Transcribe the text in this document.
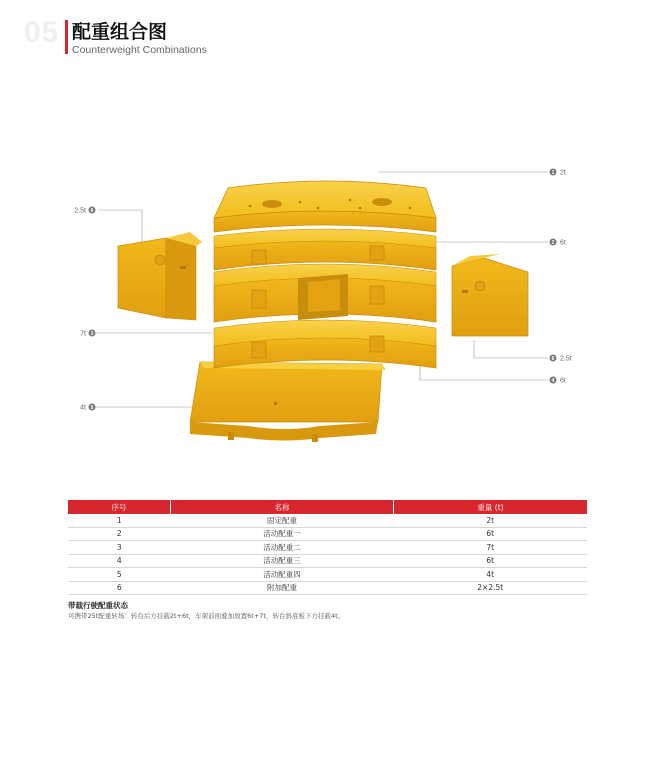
05 配重组合图
Counterweight Combinations
1 2t
6
2.5t
2 6t
3
7t
6 2.5t
4 6t
5
4t
序号	名称	重量 (t)
1	固定配重	2t
2	活动配重一	6t
3	活动配重二	7t
4	活动配重三	6t
5	活动配重四	4t
6	附加配重	2×2.5t
带载行驶配重状态
可携带25t配重转场：转台后方挂载2t+6t，车架前面叠加放置6t+7t，转台斜底板下方挂载4t。
